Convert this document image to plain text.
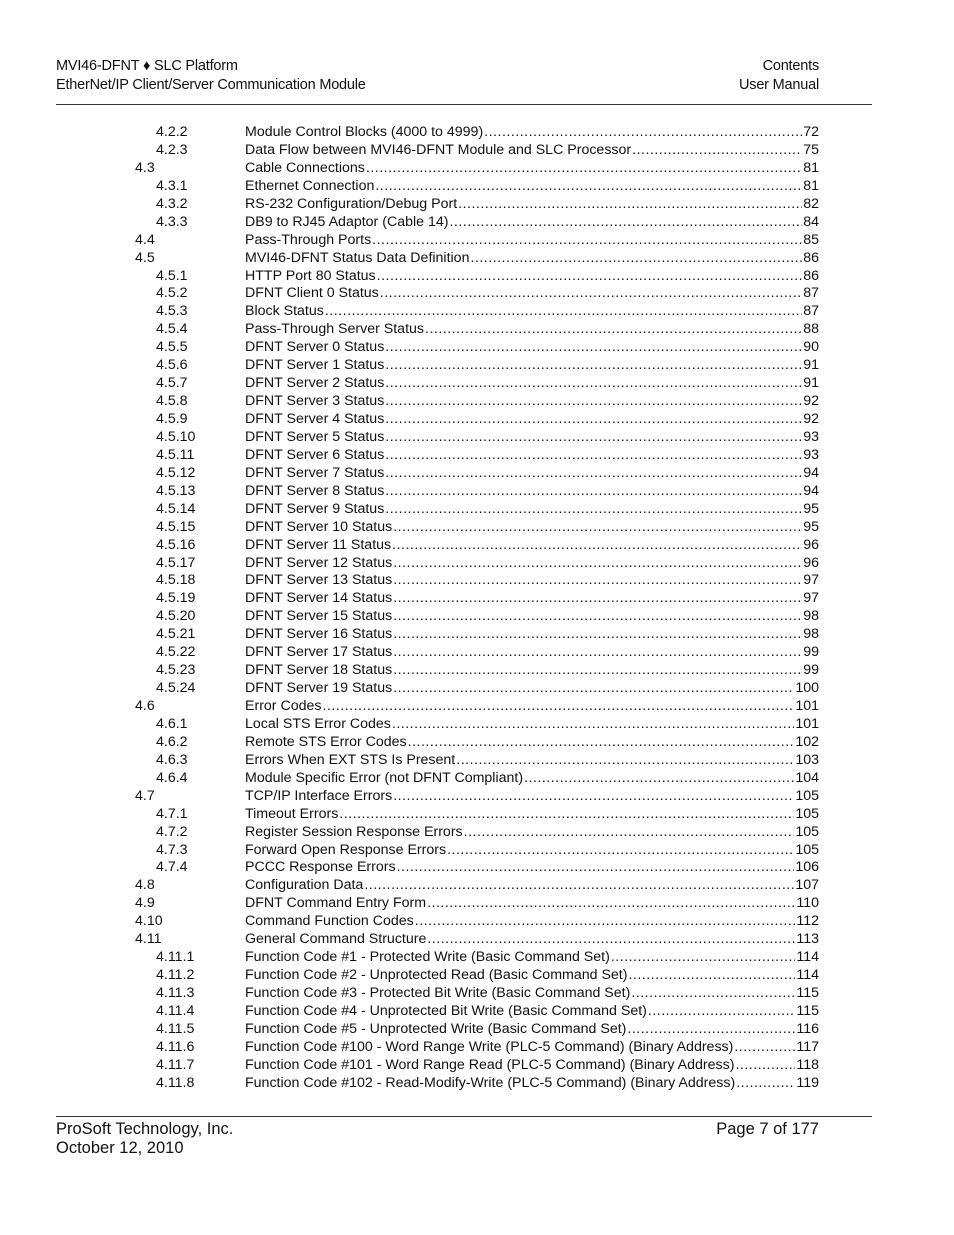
MVI46-DFNT ♦ SLC Platform
EtherNet/IP Client/Server Communication Module
Contents
User Manual
4.2.2	Module Control Blocks (4000 to 4999) .....	72
4.2.3	Data Flow between MVI46-DFNT Module and SLC Processor .....	75
4.3	Cable Connections .....	81
4.3.1	Ethernet Connection .....	81
4.3.2	RS-232 Configuration/Debug Port .....	82
4.3.3	DB9 to RJ45 Adaptor (Cable 14) .....	84
4.4	Pass-Through Ports .....	85
4.5	MVI46-DFNT Status Data Definition .....	86
4.5.1	HTTP Port 80 Status .....	86
4.5.2	DFNT Client 0 Status .....	87
4.5.3	Block Status .....	87
4.5.4	Pass-Through Server Status .....	88
4.5.5	DFNT Server 0 Status .....	90
4.5.6	DFNT Server 1 Status .....	91
4.5.7	DFNT Server 2 Status .....	91
4.5.8	DFNT Server 3 Status .....	92
4.5.9	DFNT Server 4 Status .....	92
4.5.10	DFNT Server 5 Status .....	93
4.5.11	DFNT Server 6 Status .....	93
4.5.12	DFNT Server 7 Status .....	94
4.5.13	DFNT Server 8 Status .....	94
4.5.14	DFNT Server 9 Status .....	95
4.5.15	DFNT Server 10 Status .....	95
4.5.16	DFNT Server 11 Status .....	96
4.5.17	DFNT Server 12 Status .....	96
4.5.18	DFNT Server 13 Status .....	97
4.5.19	DFNT Server 14 Status .....	97
4.5.20	DFNT Server 15 Status .....	98
4.5.21	DFNT Server 16 Status .....	98
4.5.22	DFNT Server 17 Status .....	99
4.5.23	DFNT Server 18 Status .....	99
4.5.24	DFNT Server 19 Status .....	100
4.6	Error Codes .....	101
4.6.1	Local STS Error Codes .....	101
4.6.2	Remote STS Error Codes .....	102
4.6.3	Errors When EXT STS Is Present .....	103
4.6.4	Module Specific Error (not DFNT Compliant) .....	104
4.7	TCP/IP Interface Errors .....	105
4.7.1	Timeout Errors .....	105
4.7.2	Register Session Response Errors .....	105
4.7.3	Forward Open Response Errors .....	105
4.7.4	PCCC Response Errors .....	106
4.8	Configuration Data .....	107
4.9	DFNT Command Entry Form .....	110
4.10	Command Function Codes .....	112
4.11	General Command Structure .....	113
4.11.1	Function Code #1 - Protected Write (Basic Command Set) .....	114
4.11.2	Function Code #2 - Unprotected Read (Basic Command Set) .....	114
4.11.3	Function Code #3 - Protected Bit Write (Basic Command Set) .....	115
4.11.4	Function Code #4 - Unprotected Bit Write (Basic Command Set) .....	115
4.11.5	Function Code #5 - Unprotected Write (Basic Command Set) .....	116
4.11.6	Function Code #100 - Word Range Write (PLC-5 Command) (Binary Address) .....	117
4.11.7	Function Code #101 - Word Range Read (PLC-5 Command) (Binary Address) .....	118
4.11.8	Function Code #102 - Read-Modify-Write (PLC-5 Command) (Binary Address) .....	119
ProSoft Technology, Inc.
October 12, 2010
Page 7 of 177
